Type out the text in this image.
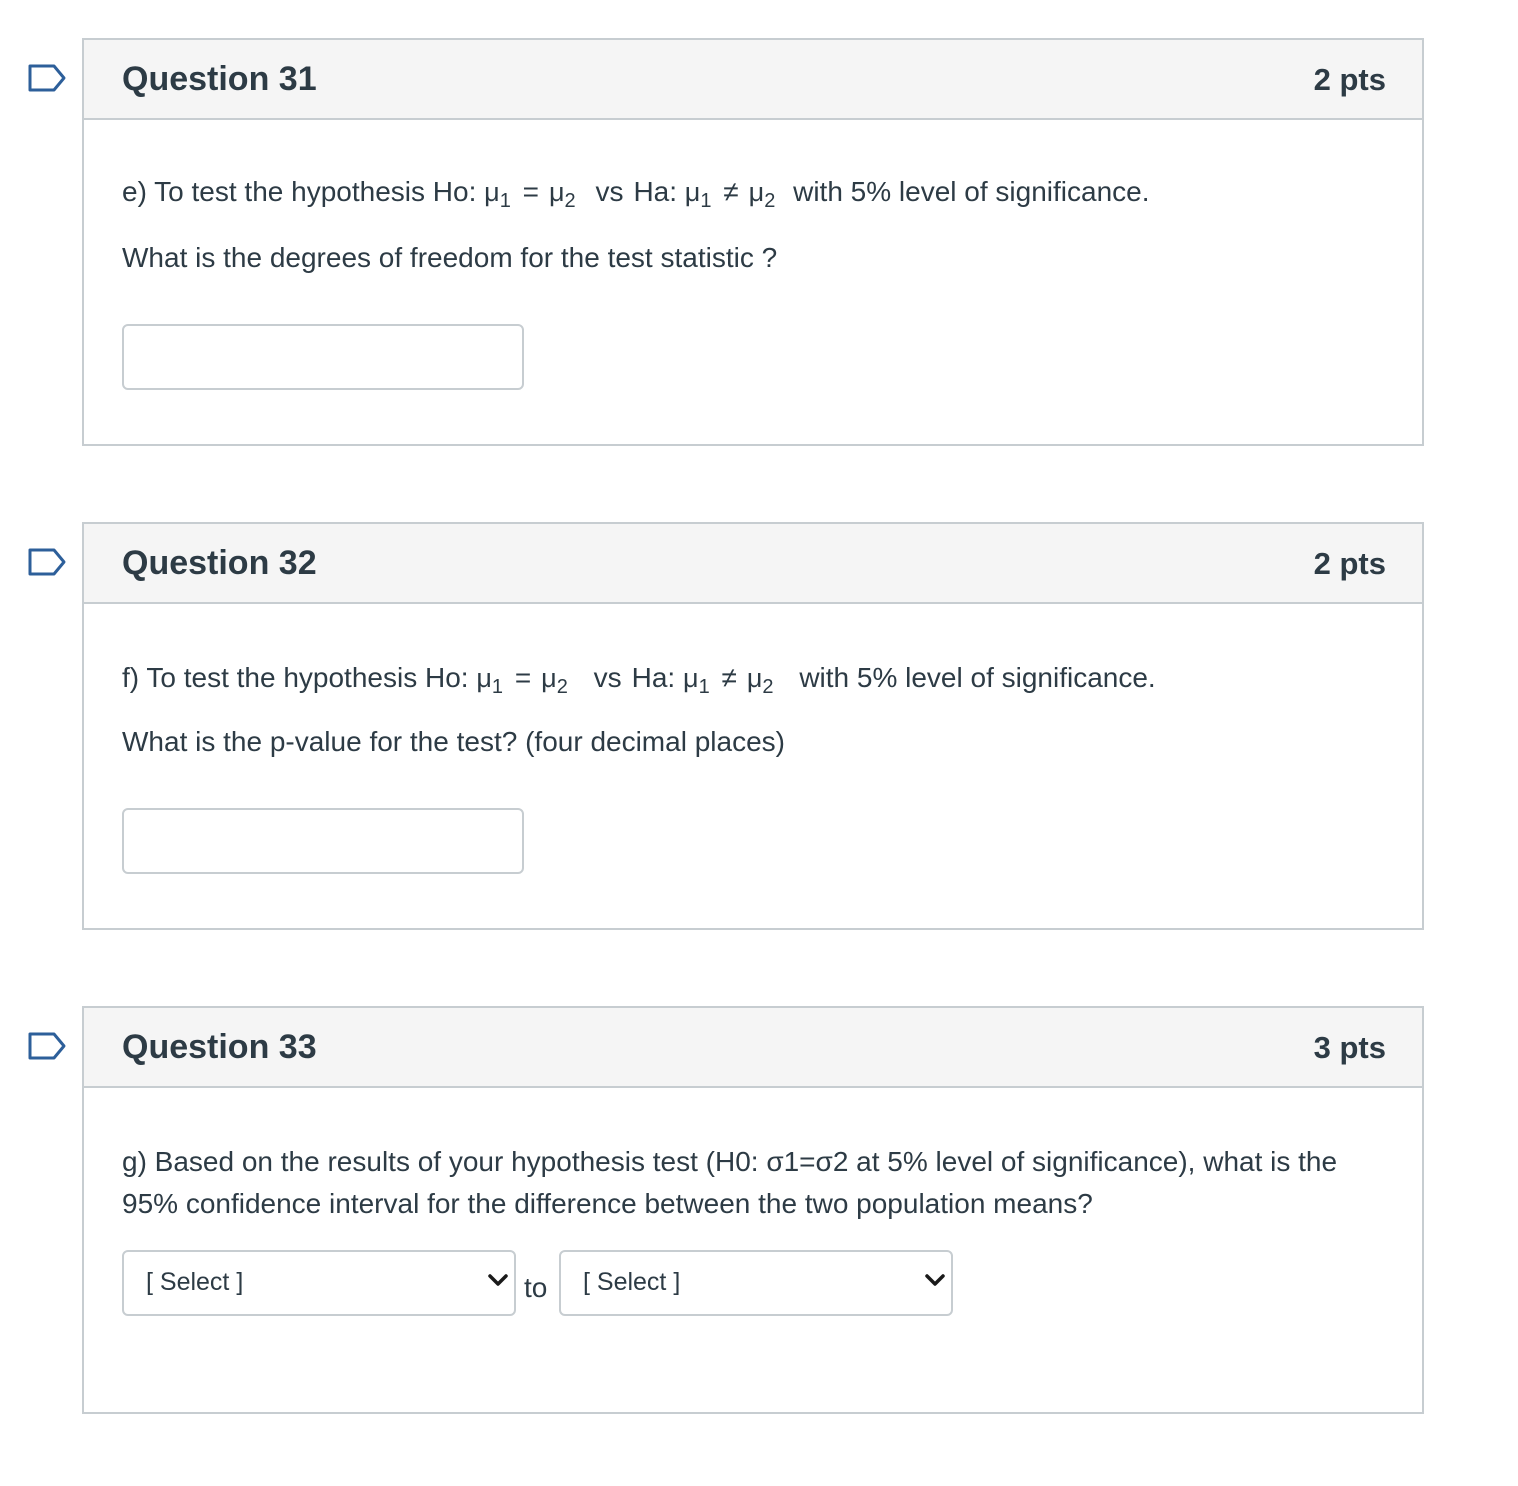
Question 31	2 pts
e) To test the hypothesis Ho: $\mu_1 = \mu_2$ vs Ha: $\mu_1 \ne \mu_2$ with 5% level of significance.
What is the degrees of freedom for the test statistic ?
Question 32	2 pts
f) To test the hypothesis Ho: $\mu_1 = \mu_2$ vs Ha: $\mu_1 \ne \mu_2$ with 5% level of significance.
What is the p-value for the test? (four decimal places)
Question 33	3 pts
g) Based on the results of your hypothesis test (H0: σ1=σ2 at 5% level of significance), what is the
95% confidence interval for the difference between the two population means?
[ Select ]	to [ Select ]
